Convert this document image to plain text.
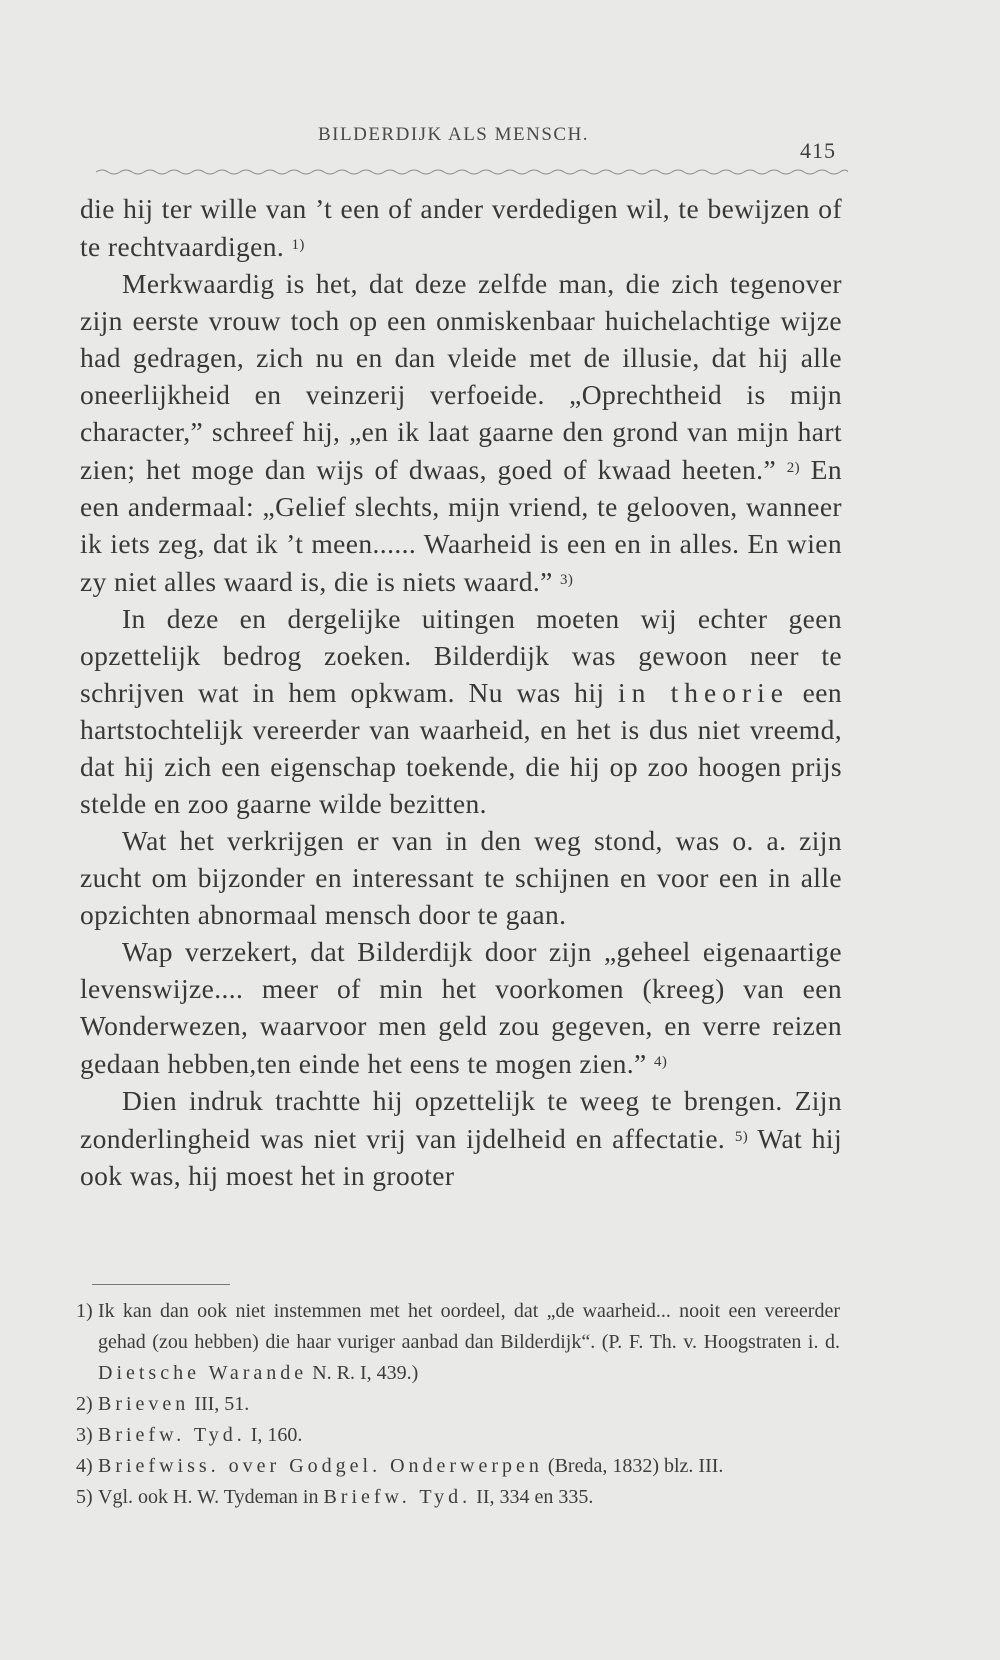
BILDERDIJK ALS MENSCH.
415

die hij ter wille van ’t een of ander verdedigen wil, te bewijzen of te rechtvaardigen. $^{1)}$

Merkwaardig is het, dat deze zelfde man, die zich tegenover zijn eerste vrouw toch op een onmiskenbaar huichelachtige wijze had gedragen, zich nu en dan vleide met de illusie, dat hij alle oneerlijkheid en veinzerij verfoeide. „Oprechtheid is mijn character,” schreef hij, „en ik laat gaarne den grond van mijn hart zien; het moge dan wijs of dwaas, goed of kwaad heeten.” $^{2)}$ En een andermaal: „Gelief slechts, mijn vriend, te gelooven, wanneer ik iets zeg, dat ik ’t meen...... Waarheid is een en in alles. En wien zy niet alles waard is, die is niets waard.” $^{3)}$

In deze en dergelijke uitingen moeten wij echter geen opzettelijk bedrog zoeken. Bilderdijk was gewoon neer te schrijven wat in hem opkwam. Nu was hij in theorie een hartstochtelijk vereerder van waarheid, en het is dus niet vreemd, dat hij zich een eigenschap toekende, die hij op zoo hoogen prijs stelde en zoo gaarne wilde bezitten.

Wat het verkrijgen er van in den weg stond, was o. a. zijn zucht om bijzonder en interessant te schijnen en voor een in alle opzichten abnormaal mensch door te gaan.

Wap verzekert, dat Bilderdijk door zijn „geheel eigenaartige levenswijze.... meer of min het voorkomen (kreeg) van een Wonderwezen, waarvoor men geld zou gegeven, en verre reizen gedaan hebben,ten einde het eens te mogen zien.” $^{4)}$

Dien indruk trachtte hij opzettelijk te weeg te brengen. Zijn zonderlingheid was niet vrij van ijdelheid en affectatie. $^{5)}$ Wat hij ook was, hij moest het in grooter

1) Ik kan dan ook niet instemmen met het oordeel, dat „de waarheid... nooit een vereerder gehad (zou hebben) die haar vuriger aanbad dan Bilderdijk“. (P. F. Th. v. Hoogstraten i. d. Dietsche Warande N. R. I, 439.)

2) Brieven III, 51.

3) Briefw. Tyd. I, 160.

4) Briefwiss. over Godgel. Onderwerpen (Breda, 1832) blz. III.

5) Vgl. ook H. W. Tydeman in Briefw. Tyd. II, 334 en 335.
